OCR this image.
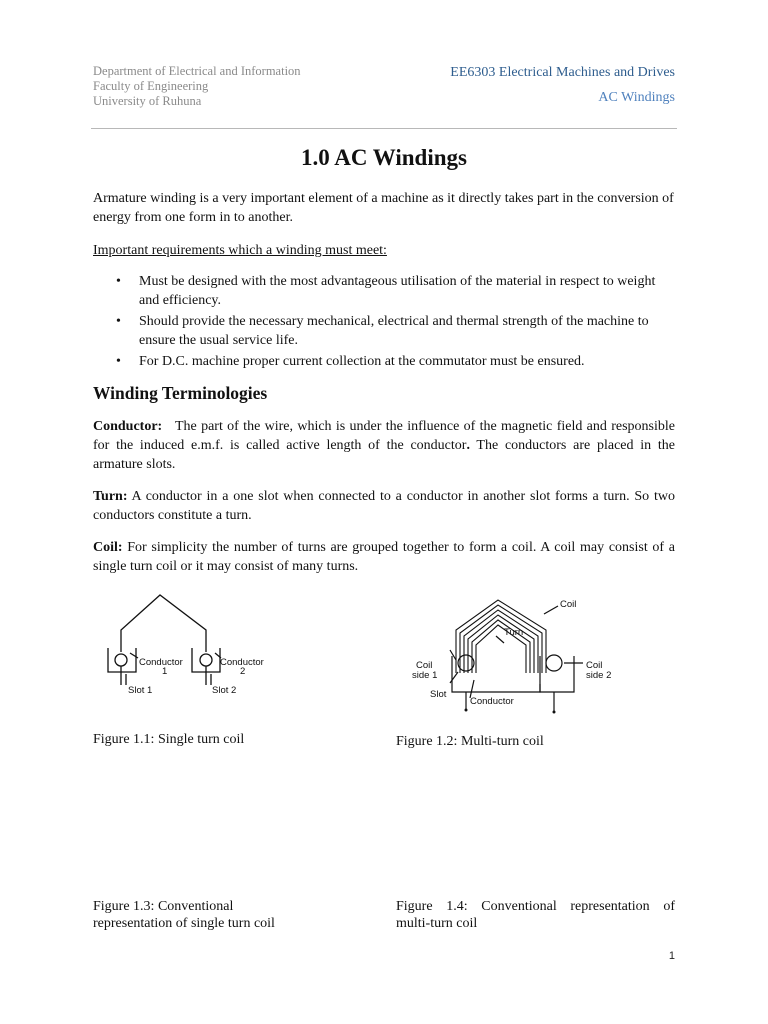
Department of Electrical and Information
Faculty of Engineering
University of Ruhuna
EE6303 Electrical Machines and Drives
AC Windings
1.0 AC Windings
Armature winding is a very important element of a machine as it directly takes part in the conversion of energy from one form in to another.
Important requirements which a winding must meet:
• Must be designed with the most advantageous utilisation of the material in respect to weight and efficiency.
• Should provide the necessary mechanical, electrical and thermal strength of the machine to ensure the usual service life.
• For D.C. machine proper current collection at the commutator must be ensured.
Winding Terminologies
Conductor: The part of the wire, which is under the influence of the magnetic field and responsible for the induced e.m.f. is called active length of the conductor. The conductors are placed in the armature slots.
Turn: A conductor in a one slot when connected to a conductor in another slot forms a turn. So two conductors constitute a turn.
Coil: For simplicity the number of turns are grouped together to form a coil. A coil may consist of a single turn coil or it may consist of many turns.
Conductor
1
Conductor
2
Slot 1	Slot 2
Coil
Turn
Coil
side 1
Coil
side 2
Slot
Conductor
Figure 1.1: Single turn coil	Figure 1.2: Multi-turn coil
Figure 1.3: Conventional
representation of single turn coil
Figure 1.4: Conventional representation of
multi-turn coil
1
